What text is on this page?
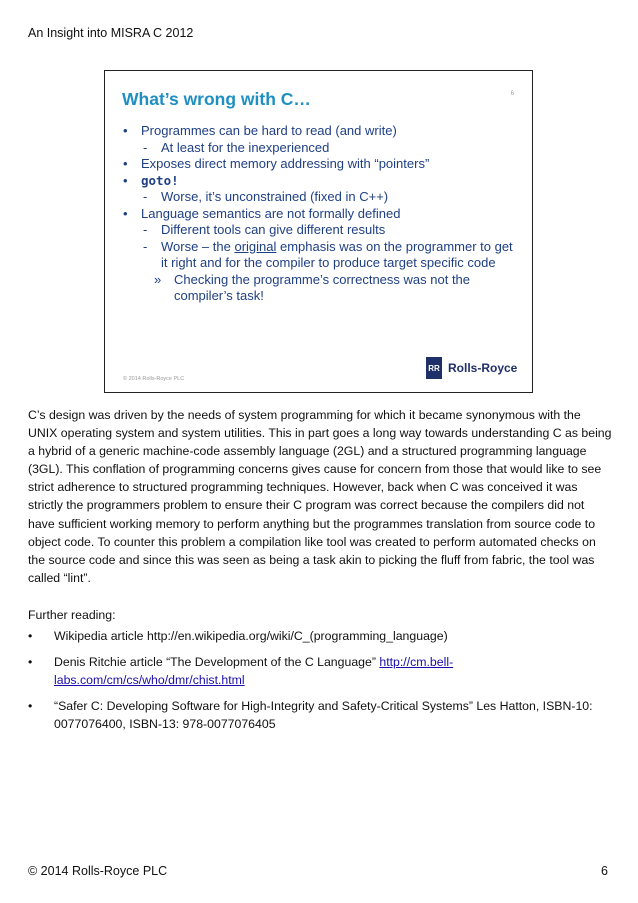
An Insight into MISRA C 2012
What’s wrong with C…	6
• Programmes can be hard to read (and write)
- At least for the inexperienced
• Exposes direct memory addressing with “pointers”
• goto!
- Worse, it’s unconstrained (fixed in C++)
• Language semantics are not formally defined
- Different tools can give different results
- Worse – the original emphasis was on the programmer to get it right and for the compiler to produce target specific code
» Checking the programme’s correctness was not the compiler’s task!
© 2014 Rolls-Royce PLC
RR Rolls-Royce

C’s design was driven by the needs of system programming for which it became synonymous with the UNIX operating system and system utilities. This in part goes a long way towards understanding C as being a hybrid of a generic machine-code assembly language (2GL) and a structured programming language (3GL). This conflation of programming concerns gives cause for concern from those that would like to see strict adherence to structured programming techniques. However, back when C was conceived it was strictly the programmers problem to ensure their C program was correct because the compilers did not have sufficient working memory to perform anything but the programmes translation from source code to object code. To counter this problem a compilation like tool was created to perform automated checks on the source code and since this was seen as being a task akin to picking the fluff from fabric, the tool was called “lint”.

Further reading:
• Wikipedia article http://en.wikipedia.org/wiki/C_(programming_language)
• Denis Ritchie article “The Development of the C Language” http://cm.bell-labs.com/cm/cs/who/dmr/chist.html
• “Safer C: Developing Software for High-Integrity and Safety-Critical Systems” Les Hatton, ISBN-10: 0077076400, ISBN-13: 978-0077076405
© 2014 Rolls-Royce PLC	6
